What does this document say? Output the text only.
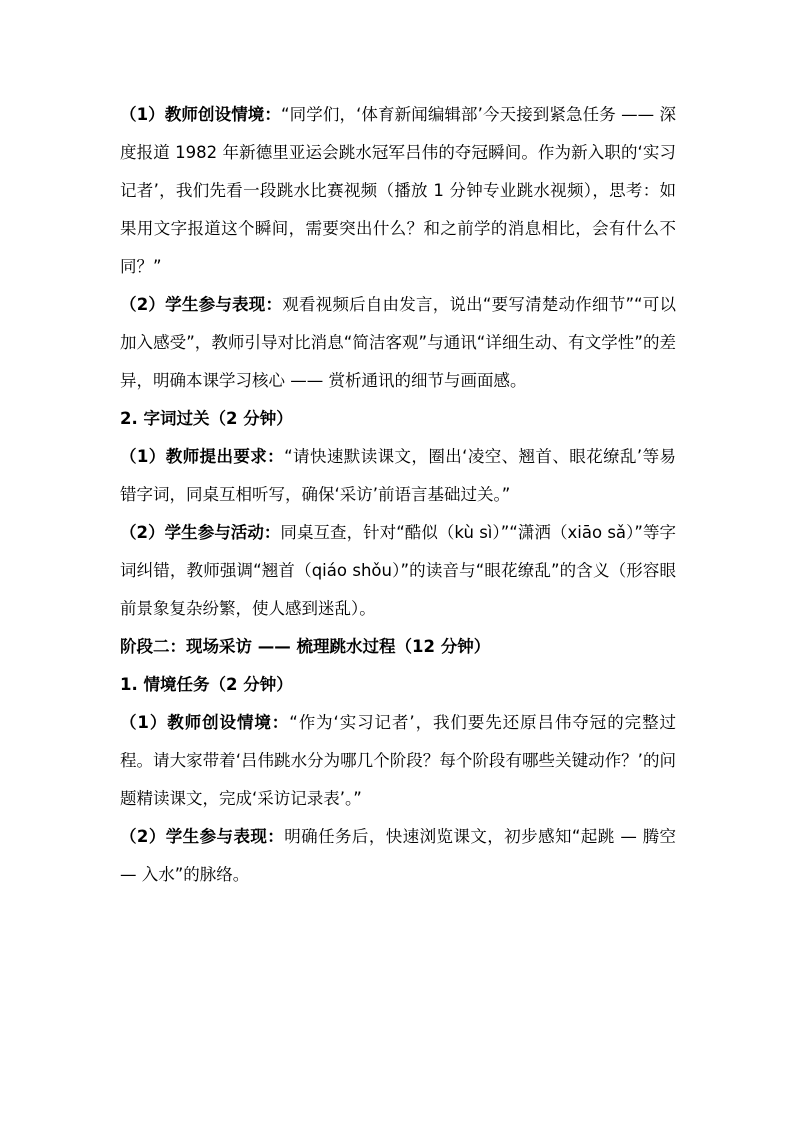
（1）教师创设情境：“同学们，‘体育新闻编辑部’今天接到紧急任务 —— 深度报道 1982 年新德里亚运会跳水冠军吕伟的夺冠瞬间。作为新入职的‘实习记者’，我们先看一段跳水比赛视频（播放 1 分钟专业跳水视频），思考：如果用文字报道这个瞬间，需要突出什么？和之前学的消息相比，会有什么不同？”

（2）学生参与表现：观看视频后自由发言，说出“要写清楚动作细节”“可以加入感受”，教师引导对比消息“简洁客观”与通讯“详细生动、有文学性”的差异，明确本课学习核心 —— 赏析通讯的细节与画面感。

2. 字词过关（2 分钟）

（1）教师提出要求：“请快速默读课文，圈出‘凌空、翘首、眼花缭乱’等易错字词，同桌互相听写，确保‘采访’前语言基础过关。”

（2）学生参与活动：同桌互查，针对“酷似（kù sì）”“潇洒（xiāo sǎ）”等字词纠错，教师强调“翘首（qiáo shǒu）”的读音与“眼花缭乱”的含义（形容眼前景象复杂纷繁，使人感到迷乱）。

阶段二：现场采访 —— 梳理跳水过程（12 分钟）

1. 情境任务（2 分钟）

（1）教师创设情境：“作为‘实习记者’，我们要先还原吕伟夺冠的完整过程。请大家带着‘吕伟跳水分为哪几个阶段？每个阶段有哪些关键动作？’的问题精读课文，完成‘采访记录表’。”

（2）学生参与表现：明确任务后，快速浏览课文，初步感知“起跳 — 腾空 — 入水”的脉络。
